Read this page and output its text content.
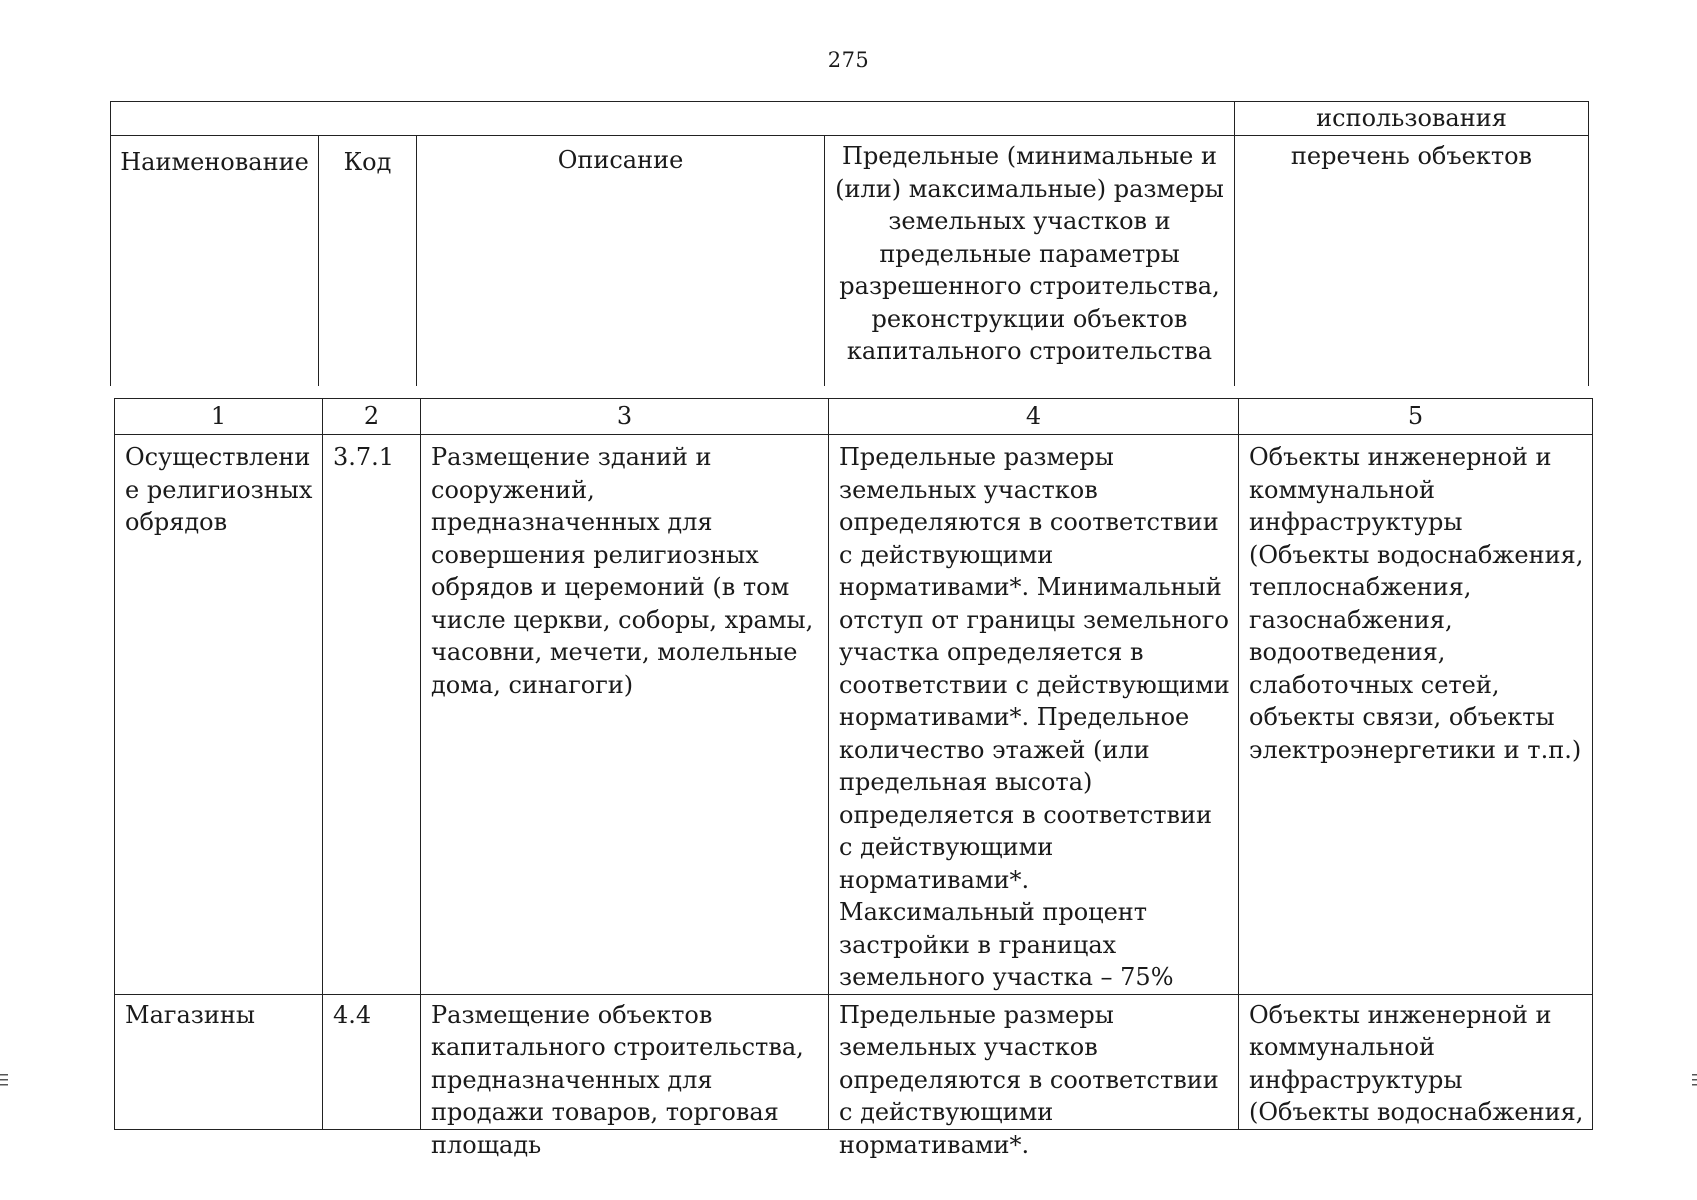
275
				использования
Наименование	Код	Описание	Предельные (минимальные и (или) максимальные) размеры земельных участков и предельные параметры разрешенного строительства, реконструкции объектов капитального строительства	перечень объектов
1	2	3	4	5
Осуществление религиозных обрядов	3.7.1	Размещение зданий и сооружений, предназначенных для совершения религиозных обрядов и церемоний (в том числе церкви, соборы, храмы, часовни, мечети, молельные дома, синагоги)	Предельные размеры земельных участков определяются в соответствии с действующими нормативами*. Минимальный отступ от границы земельного участка определяется в соответствии с действующими нормативами*. Предельное количество этажей (или предельная высота) определяется в соответствии с действующими нормативами*. Максимальный процент застройки в границах земельного участка – 75%	Объекты инженерной и коммунальной инфраструктуры (Объекты водоснабжения, теплоснабжения, газоснабжения, водоотведения, слаботочных сетей, объекты связи, объекты электроэнергетики и т.п.)

Магазины	4.4	Размещение объектов капитального строительства, предназначенных для продажи товаров, торговая площадь	Предельные размеры земельных участков определяются в соответствии с действующими нормативами*.	Объекты инженерной и коммунальной инфраструктуры (Объекты водоснабжения,
